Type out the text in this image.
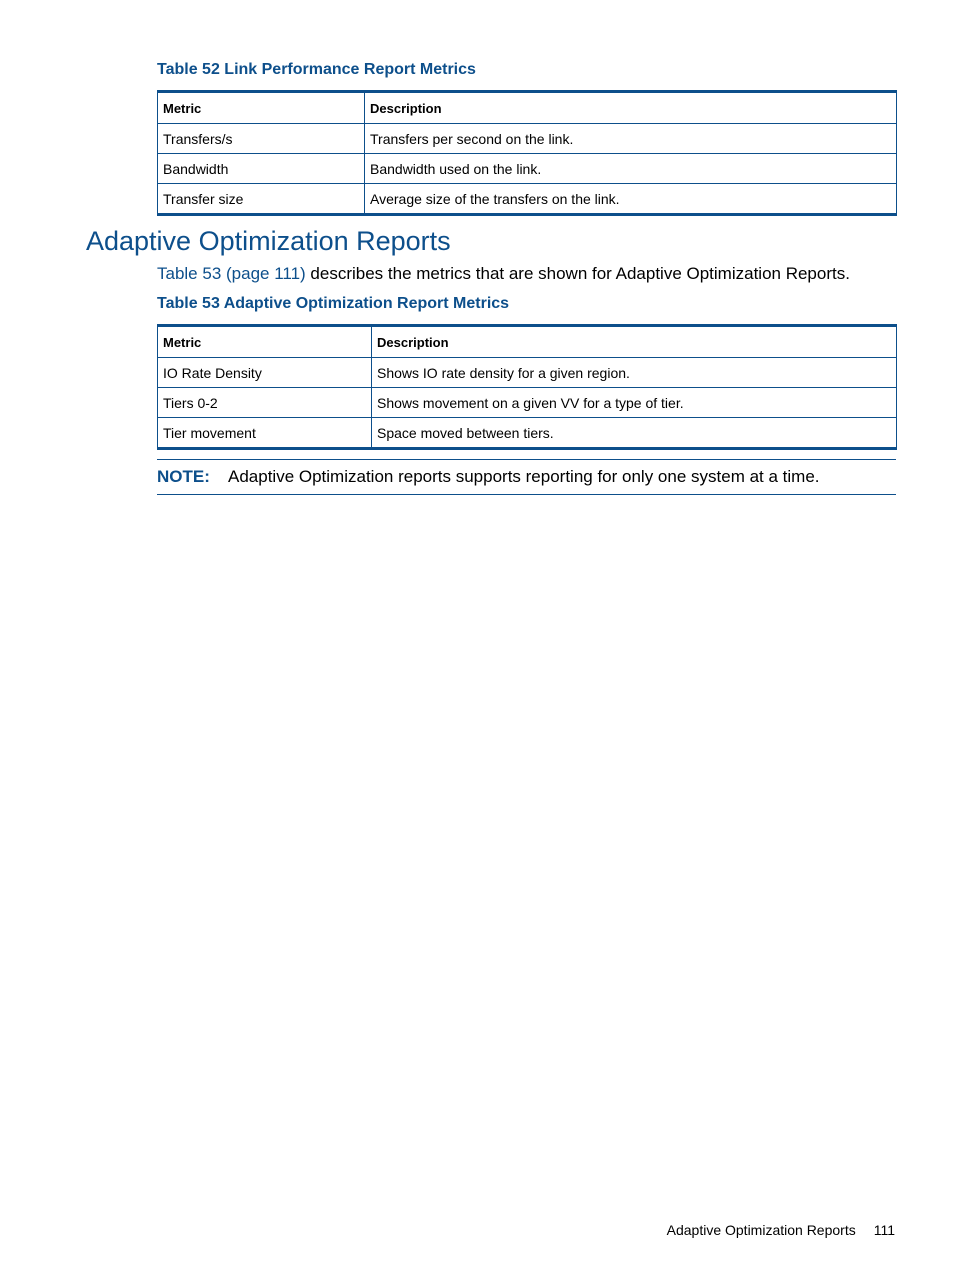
Table 52 Link Performance Report Metrics
Metric	Description
Transfers/s	Transfers per second on the link.
Bandwidth	Bandwidth used on the link.
Transfer size	Average size of the transfers on the link.
Adaptive Optimization Reports
Table 53 (page 111) describes the metrics that are shown for Adaptive Optimization Reports.
Table 53 Adaptive Optimization Report Metrics
Metric	Description
IO Rate Density	Shows IO rate density for a given region.
Tiers 0-2	Shows movement on a given VV for a type of tier.
Tier movement	Space moved between tiers.
NOTE:	Adaptive Optimization reports supports reporting for only one system at a time.
Adaptive Optimization Reports 111
